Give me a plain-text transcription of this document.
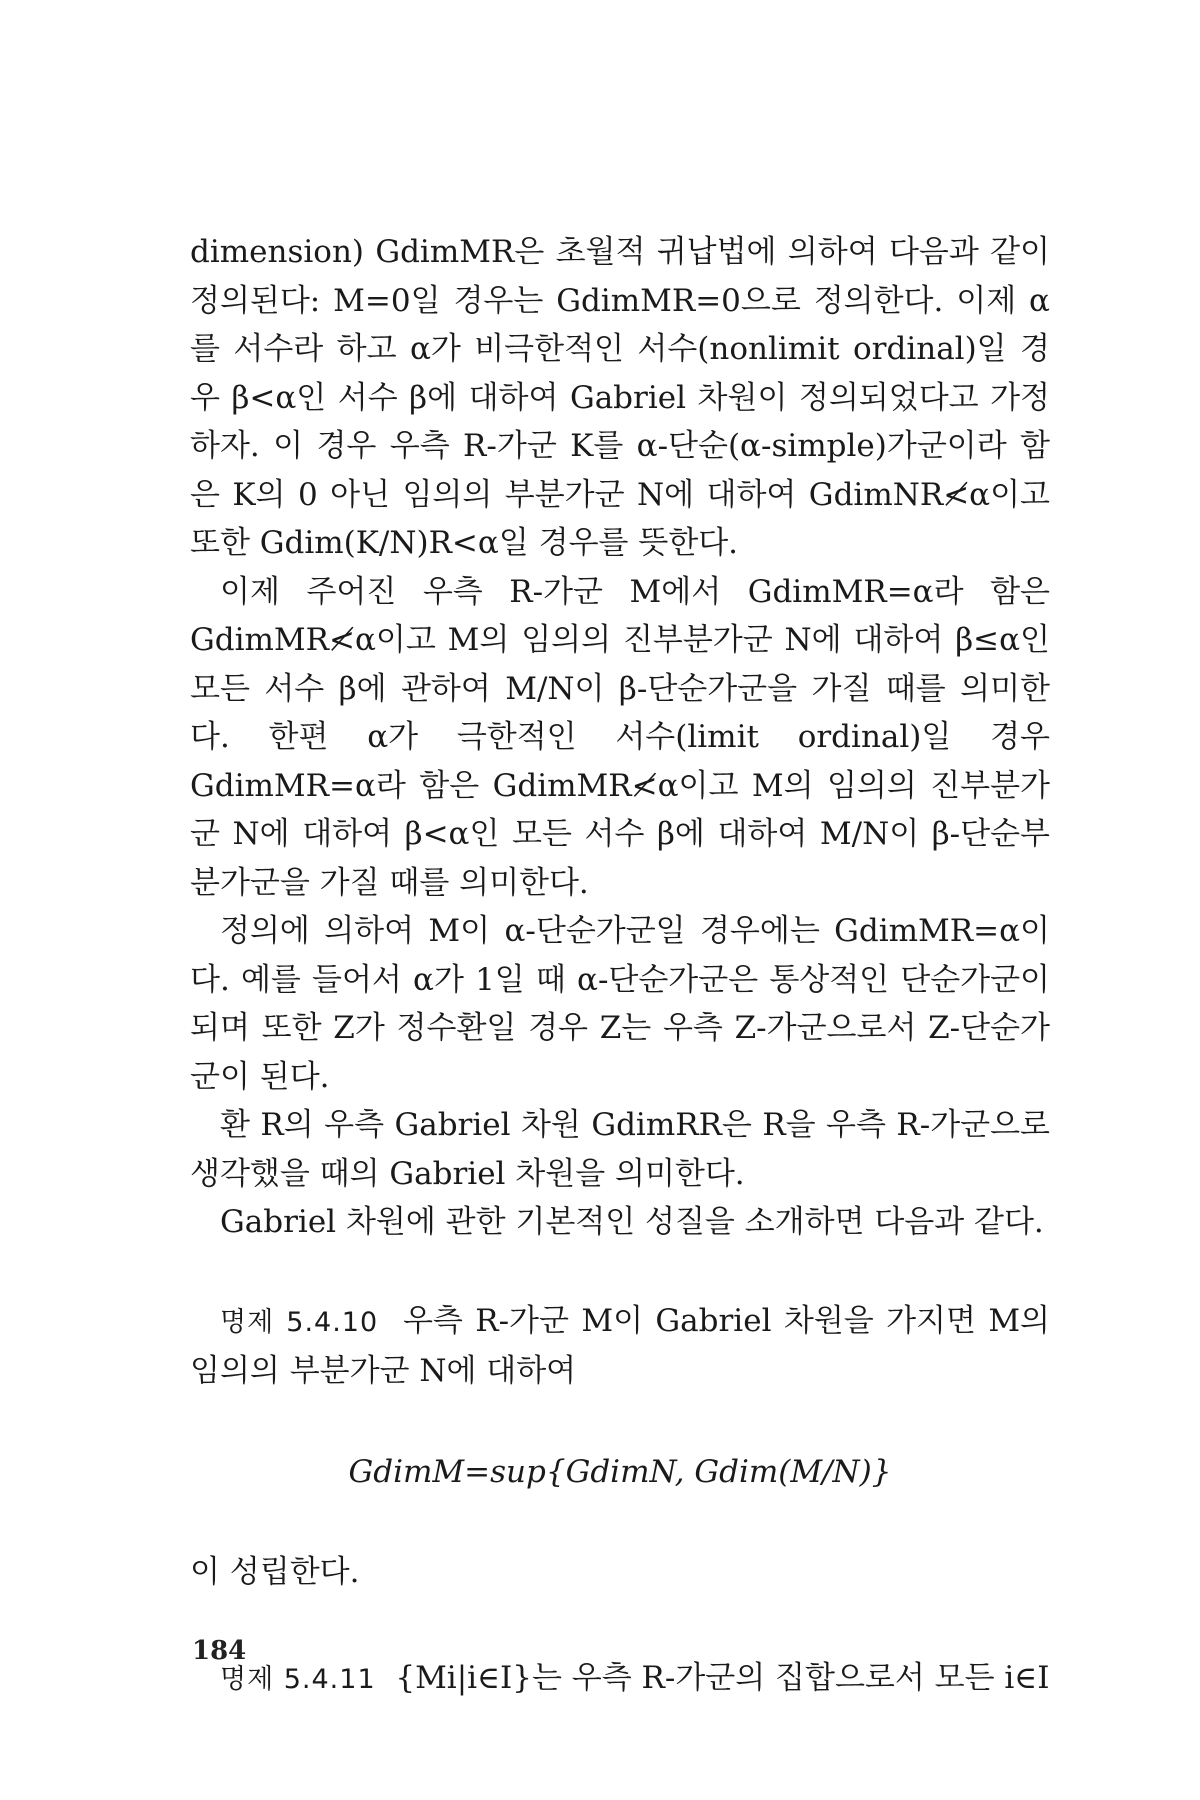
dimension) GdimMR은 초월적 귀납법에 의하여 다음과 같이 정의된다: M=0일 경우는 GdimMR=0으로 정의한다. 이제 α를 서수라 하고 α가 비극한적인 서수(nonlimit ordinal)일 경우 β<α인 서수 β에 대하여 Gabriel 차원이 정의되었다고 가정하자. 이 경우 우측 R-가군 K를 α-단순(α-simple)가군이라 함은 K의 0 아닌 임의의 부분가군 N에 대하여 GdimNR≮α이고 또한 Gdim(K/N)R<α일 경우를 뜻한다.

이제 주어진 우측 R-가군 M에서 GdimMR=α라 함은 GdimMR≮α이고 M의 임의의 진부분가군 N에 대하여 β≤α인 모든 서수 β에 관하여 M/N이 β-단순가군을 가질 때를 의미한다. 한편 α가 극한적인 서수(limit ordinal)일 경우 GdimMR=α라 함은 GdimMR≮α이고 M의 임의의 진부분가군 N에 대하여 β<α인 모든 서수 β에 대하여 M/N이 β-단순부분가군을 가질 때를 의미한다.

정의에 의하여 M이 α-단순가군일 경우에는 GdimMR=α이다. 예를 들어서 α가 1일 때 α-단순가군은 통상적인 단순가군이 되며 또한 Z가 정수환일 경우 Z는 우측 Z-가군으로서 Z-단순가군이 된다.

환 R의 우측 Gabriel 차원 GdimRR은 R을 우측 R-가군으로 생각했을 때의 Gabriel 차원을 의미한다.

Gabriel 차원에 관한 기본적인 성질을 소개하면 다음과 같다.

명제 5.4.10 우측 R-가군 M이 Gabriel 차원을 가지면 M의 임의의 부분가군 N에 대하여

GdimM=sup{GdimN, Gdim(M/N)}

이 성립한다.

명제 5.4.11 {Mi|i∈I}는 우측 R-가군의 집합으로서 모든 i∈I

184
